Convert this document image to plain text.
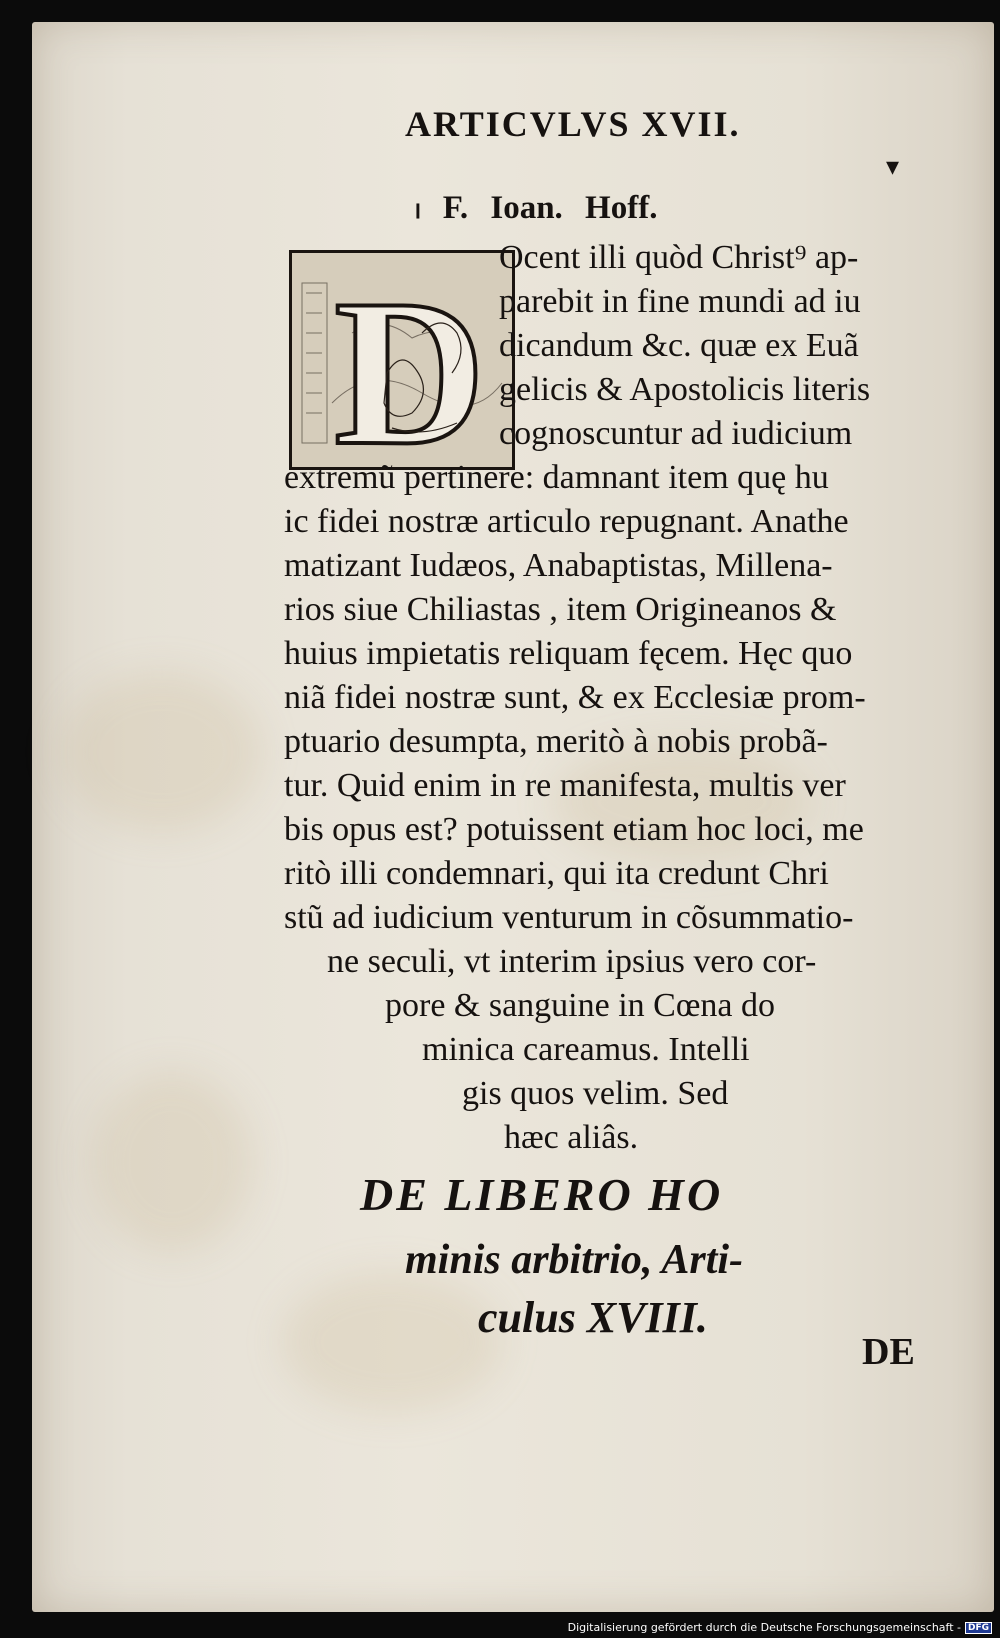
ARTICVLVS XVII.
▾
ₗ F. Ioan. Hoff.
D Ocent illi quòd Christ⁹ ap-
parebit in fine mundi ad iu
dicandum &c. quæ ex Euã
gelicis & Apostolicis literis
cognoscuntur ad iudicium
extremũ pertinere: damnant item quę hu
ic fidei nostræ articulo repugnant. Anathe
matizant Iudæos, Anabaptistas, Millena-
rios siue Chiliastas , item Origineanos &
huius impietatis reliquam fęcem. Hęc quo
niã fidei nostræ sunt, & ex Ecclesiæ prom-
ptuario desumpta, meritò à nobis probã-
tur. Quid enim in re manifesta, multis ver
bis opus est? potuissent etiam hoc loci, me
ritò illi condemnari, qui ita credunt Chri
stũ ad iudicium venturum in cõsummatio-
ne seculi, vt interim ipsius vero cor-
pore & sanguine in Cœna do
minica careamus. Intelli
gis quos velim. Sed
hæc aliâs.
DE LIBERO HO
minis arbitrio, Arti-
culus XVIII.
DE
Digitalisierung gefördert durch die Deutsche Forschungsgemeinschaft - DFG
